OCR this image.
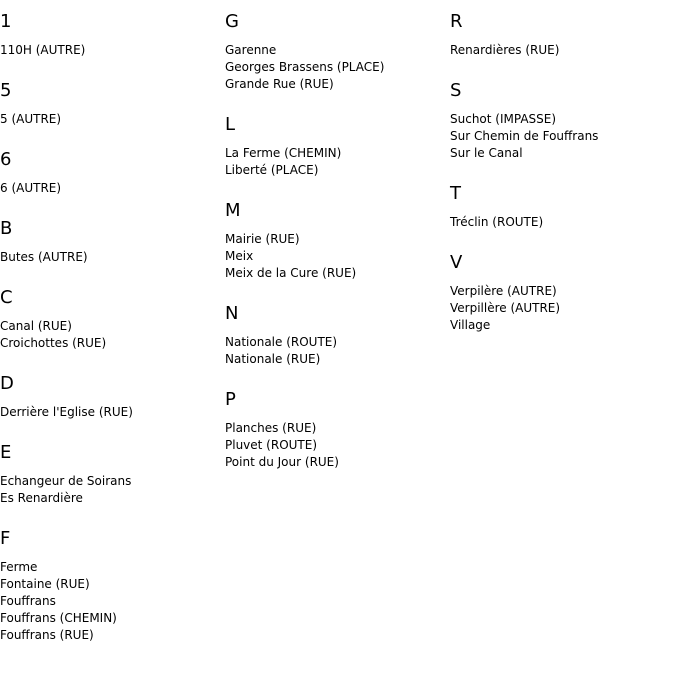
1
110H (AUTRE)
5
5 (AUTRE)
6
6 (AUTRE)
B
Butes (AUTRE)
C
Canal (RUE)
Croichottes (RUE)
D
Derrière l'Eglise (RUE)
E
Echangeur de Soirans
Es Renardière
F
Ferme
Fontaine (RUE)
Fouffrans
Fouffrans (CHEMIN)
Fouffrans (RUE)
G
Garenne
Georges Brassens (PLACE)
Grande Rue (RUE)
L
La Ferme (CHEMIN)
Liberté (PLACE)
M
Mairie (RUE)
Meix
Meix de la Cure (RUE)
N
Nationale (ROUTE)
Nationale (RUE)
P
Planches (RUE)
Pluvet (ROUTE)
Point du Jour (RUE)
R
Renardières (RUE)
S
Suchot (IMPASSE)
Sur Chemin de Fouffrans
Sur le Canal
T
Tréclin (ROUTE)
V
Verpilère (AUTRE)
Verpillère (AUTRE)
Village
